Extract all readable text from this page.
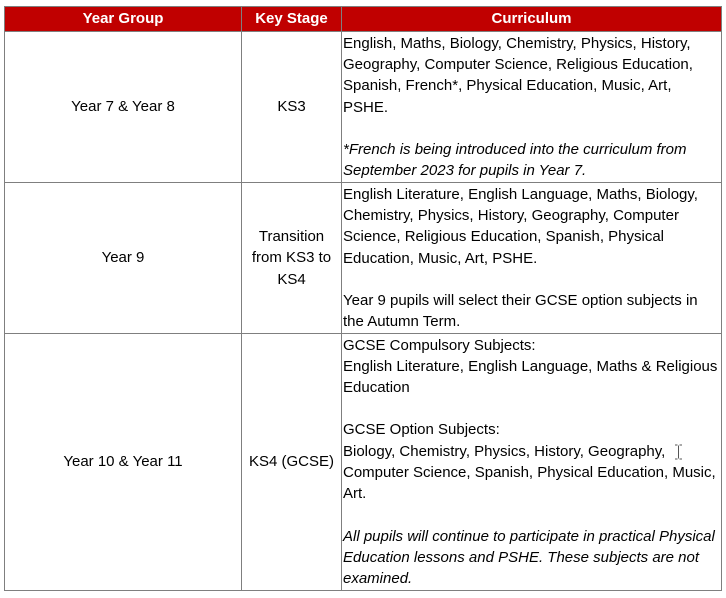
Year Group	Key Stage	Curriculum
Year 7 & Year 8	KS3	English, Maths, Biology, Chemistry, Physics, History, Geography, Computer Science, Religious Education, Spanish, French*, Physical Education, Music, Art, PSHE.
*French is being introduced into the curriculum from September 2023 for pupils in Year 7.

Year 9	Transition from KS3 to KS4	English Literature, English Language, Maths, Biology, Chemistry, Physics, History, Geography, Computer Science, Religious Education, Spanish, Physical Education, Music, Art, PSHE.
Year 9 pupils will select their GCSE option subjects in the Autumn Term.

Year 10 & Year 11	KS4 (GCSE)	GCSE Compulsory Subjects:
English Literature, English Language, Maths & Religious Education
GCSE Option Subjects:
Biology, Chemistry, Physics, History, Geography, Computer Science, Spanish, Physical Education, Music, Art.
All pupils will continue to participate in practical Physical Education lessons and PSHE. These subjects are not examined.
